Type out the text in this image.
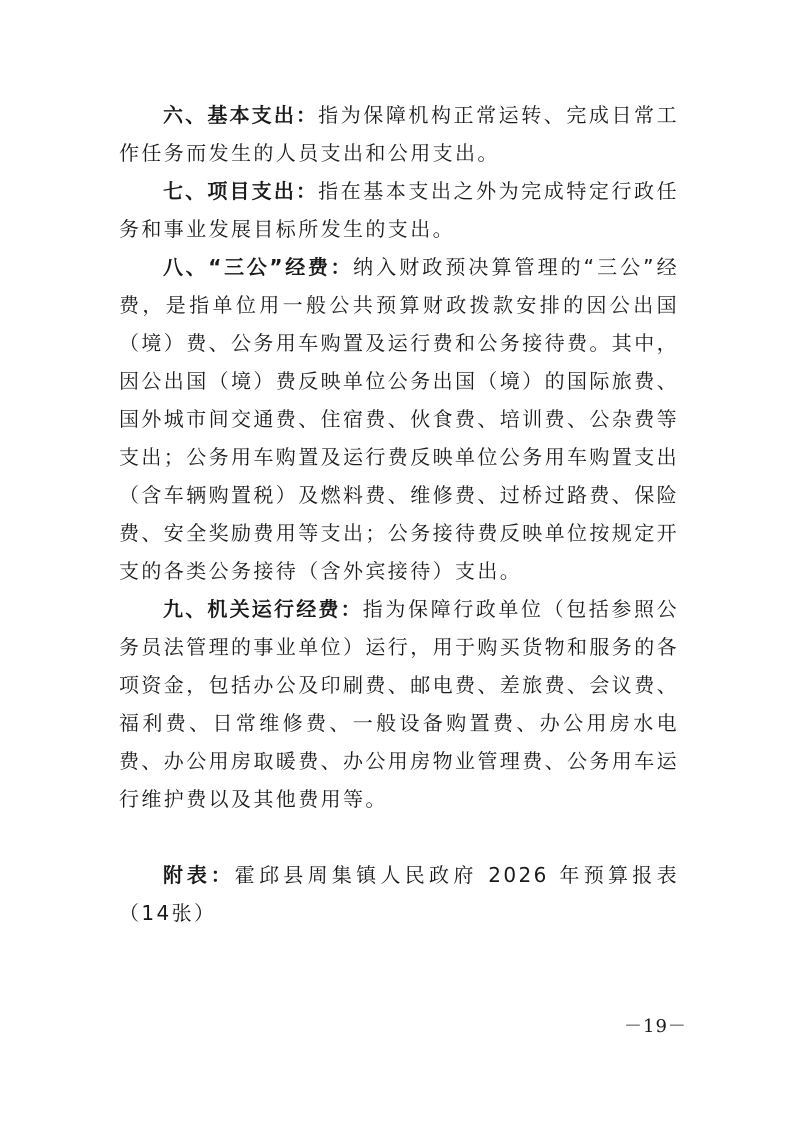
六、基本支出：指为保障机构正常运转、完成日常工作任务而发生的人员支出和公用支出。

七、项目支出：指在基本支出之外为完成特定行政任务和事业发展目标所发生的支出。

八、“三公”经费：纳入财政预决算管理的“三公”经费，是指单位用一般公共预算财政拨款安排的因公出国（境）费、公务用车购置及运行费和公务接待费。其中，因公出国（境）费反映单位公务出国（境）的国际旅费、国外城市间交通费、住宿费、伙食费、培训费、公杂费等支出；公务用车购置及运行费反映单位公务用车购置支出（含车辆购置税）及燃料费、维修费、过桥过路费、保险费、安全奖励费用等支出；公务接待费反映单位按规定开支的各类公务接待（含外宾接待）支出。

九、机关运行经费：指为保障行政单位（包括参照公务员法管理的事业单位）运行，用于购买货物和服务的各项资金，包括办公及印刷费、邮电费、差旅费、会议费、福利费、日常维修费、一般设备购置费、办公用房水电费、办公用房取暖费、办公用房物业管理费、公务用车运行维护费以及其他费用等。

附表：霍邱县周集镇人民政府 2026 年预算报表（14张）

－19－
